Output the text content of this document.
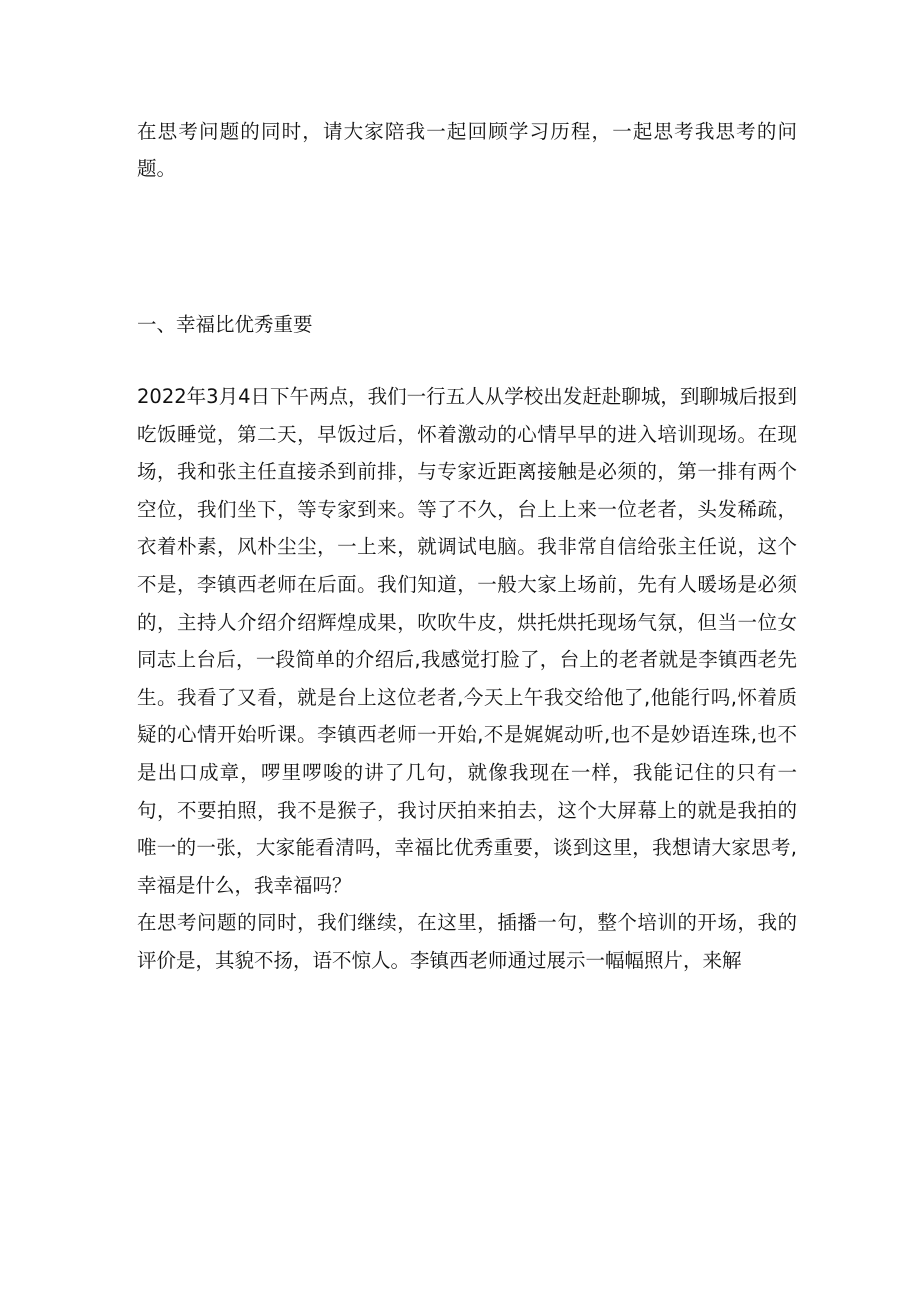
在思考问题的同时，请大家陪我一起回顾学习历程，一起思考我思考的问题。

一、幸福比优秀重要

2022年3月4日下午两点，我们一行五人从学校出发赶赴聊城，到聊城后报到吃饭睡觉，第二天，早饭过后，怀着激动的心情早早的进入培训现场。在现场，我和张主任直接杀到前排，与专家近距离接触是必须的，第一排有两个空位，我们坐下，等专家到来。等了不久，台上上来一位老者，头发稀疏，衣着朴素，风朴尘尘，一上来，就调试电脑。我非常自信给张主任说，这个不是，李镇西老师在后面。我们知道，一般大家上场前，先有人暖场是必须的，主持人介绍介绍辉煌成果，吹吹牛皮，烘托烘托现场气氛，但当一位女同志上台后，一段简单的介绍后,我感觉打脸了，台上的老者就是李镇西老先生。我看了又看，就是台上这位老者,今天上午我交给他了,他能行吗,怀着质疑的心情开始听课。李镇西老师一开始,不是娓娓动听,也不是妙语连珠,也不是出口成章，啰里啰唆的讲了几句，就像我现在一样，我能记住的只有一句，不要拍照，我不是猴子，我讨厌拍来拍去，这个大屏幕上的就是我拍的唯一的一张，大家能看清吗，幸福比优秀重要，谈到这里，我想请大家思考,幸福是什么，我幸福吗？

在思考问题的同时，我们继续，在这里，插播一句，整个培训的开场，我的评价是，其貌不扬，语不惊人。李镇西老师通过展示一幅幅照片，来解
